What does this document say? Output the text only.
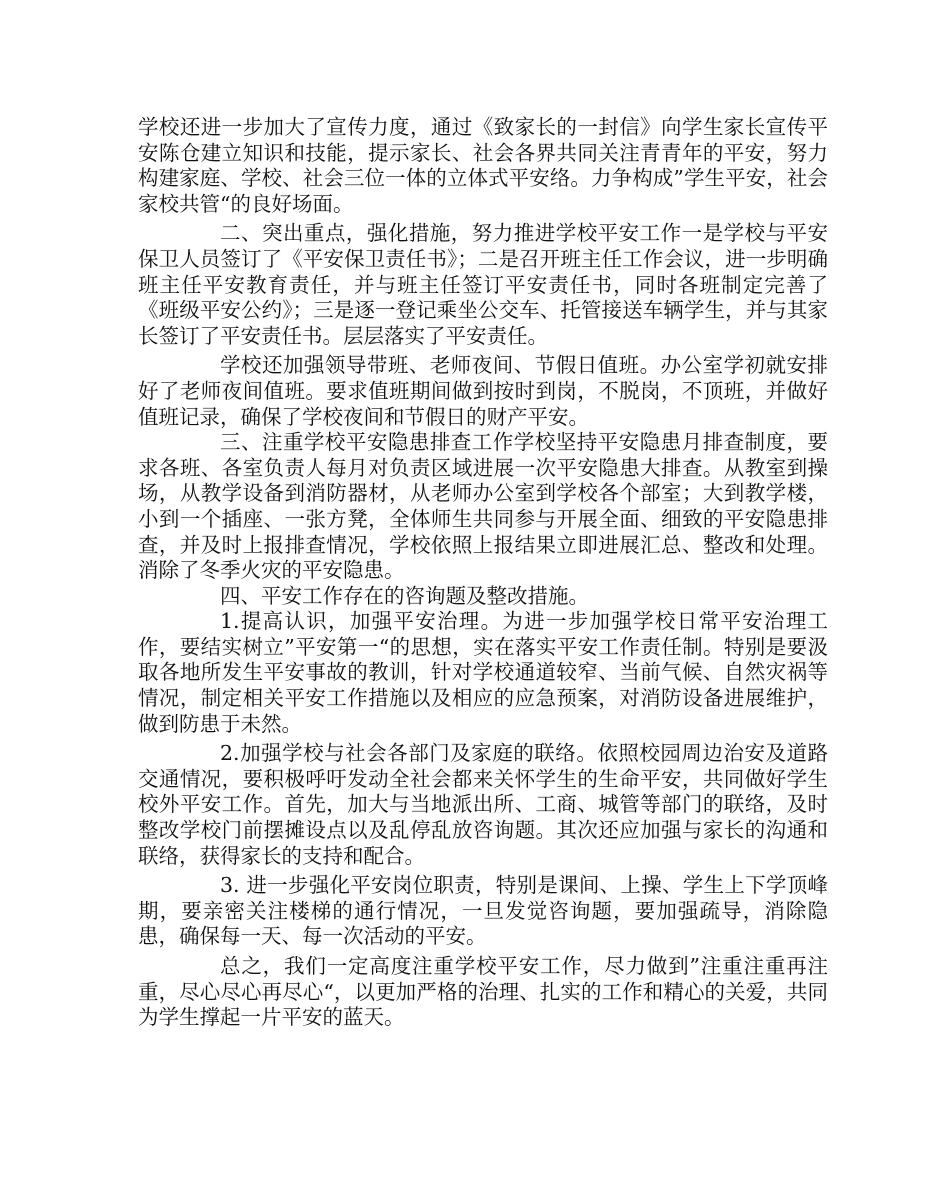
学校还进一步加大了宣传力度，通过《致家长的一封信》向学生家长宣传平安陈仓建立知识和技能，提示家长、社会各界共同关注青青年的平安，努力构建家庭、学校、社会三位一体的立体式平安络。力争构成”学生平安，社会家校共管“的良好场面。

二、突出重点，强化措施，努力推进学校平安工作一是学校与平安保卫人员签订了《平安保卫责任书》；二是召开班主任工作会议，进一步明确班主任平安教育责任，并与班主任签订平安责任书，同时各班制定完善了《班级平安公约》；三是逐一登记乘坐公交车、托管接送车辆学生，并与其家长签订了平安责任书。层层落实了平安责任。

学校还加强领导带班、老师夜间、节假日值班。办公室学初就安排好了老师夜间值班。要求值班期间做到按时到岗，不脱岗，不顶班，并做好值班记录，确保了学校夜间和节假日的财产平安。

三、注重学校平安隐患排查工作学校坚持平安隐患月排查制度，要求各班、各室负责人每月对负责区域进展一次平安隐患大排查。从教室到操场，从教学设备到消防器材，从老师办公室到学校各个部室；大到教学楼，小到一个插座、一张方凳，全体师生共同参与开展全面、细致的平安隐患排查，并及时上报排查情况，学校依照上报结果立即进展汇总、整改和处理。消除了冬季火灾的平安隐患。

四、平安工作存在的咨询题及整改措施。

1.提高认识，加强平安治理。为进一步加强学校日常平安治理工作，要结实树立”平安第一“的思想，实在落实平安工作责任制。特别是要汲取各地所发生平安事故的教训，针对学校通道较窄、当前气候、自然灾祸等情况，制定相关平安工作措施以及相应的应急预案，对消防设备进展维护，做到防患于未然。

2.加强学校与社会各部门及家庭的联络。依照校园周边治安及道路交通情况，要积极呼吁发动全社会都来关怀学生的生命平安，共同做好学生校外平安工作。首先，加大与当地派出所、工商、城管等部门的联络，及时整改学校门前摆摊设点以及乱停乱放咨询题。其次还应加强与家长的沟通和联络，获得家长的支持和配合。

3. 进一步强化平安岗位职责，特别是课间、上操、学生上下学顶峰期，要亲密关注楼梯的通行情况，一旦发觉咨询题，要加强疏导，消除隐患，确保每一天、每一次活动的平安。

总之，我们一定高度注重学校平安工作，尽力做到”注重注重再注重，尽心尽心再尽心“，以更加严格的治理、扎实的工作和精心的关爱，共同为学生撑起一片平安的蓝天。
